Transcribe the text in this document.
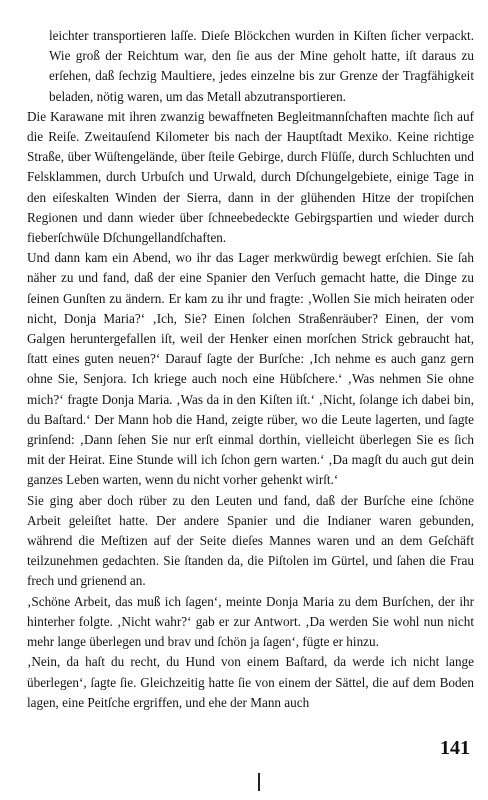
leichter transportieren laſſe. Dieſe Blöckchen wurden in Kiſten ſicher verpackt. Wie groß der Reichtum war, den ſie aus der Mine geholt hatte, iſt daraus zu erſehen, daß ſechzig Maultiere, jedes einzelne bis zur Grenze der Tragfähigkeit beladen, nötig waren, um das Metall abzutransportieren.

Die Karawane mit ihren zwanzig bewaffneten Begleitmannſchaften machte ſich auf die Reiſe. Zweitauſend Kilometer bis nach der Hauptſtadt Mexiko. Keine richtige Straße, über Wüſtengelände, über ſteile Gebirge, durch Flüſſe, durch Schluchten und Felsklammen, durch Urbuſch und Urwald, durch Dſchungelgebiete, einige Tage in den eiſeskalten Winden der Sierra, dann in der glühenden Hitze der tropiſchen Regionen und dann wieder über ſchneebedeckte Gebirgspartien und wieder durch fieberſchwüle Dſchungellandſchaften.

Und dann kam ein Abend, wo ihr das Lager merkwürdig bewegt erſchien. Sie ſah näher zu und fand, daß der eine Spanier den Verſuch gemacht hatte, die Dinge zu ſeinen Gunſten zu ändern. Er kam zu ihr und fragte: ‚Wollen Sie mich heiraten oder nicht, Donja Maria?‘ ‚Ich, Sie? Einen ſolchen Straßenräuber? Einen, der vom Galgen heruntergefallen iſt, weil der Henker einen morſchen Strick gebraucht hat, ſtatt eines guten neuen?‘ Darauf ſagte der Burſche: ‚Ich nehme es auch ganz gern ohne Sie, Senjora. Ich kriege auch noch eine Hübſchere.‘ ‚Was nehmen Sie ohne mich?‘ fragte Donja Maria. ‚Was da in den Kiſten iſt.‘ ‚Nicht, ſolange ich dabei bin, du Baſtard.‘ Der Mann hob die Hand, zeigte rüber, wo die Leute lagerten, und ſagte grinſend: ‚Dann ſehen Sie nur erſt einmal dorthin, vielleicht überlegen Sie es ſich mit der Heirat. Eine Stunde will ich ſchon gern warten.‘ ‚Da magſt du auch gut dein ganzes Leben warten, wenn du nicht vorher gehenkt wirſt.‘

Sie ging aber doch rüber zu den Leuten und fand, daß der Burſche eine ſchöne Arbeit geleiſtet hatte. Der andere Spanier und die Indianer waren gebunden, während die Meſtizen auf der Seite dieſes Mannes waren und an dem Geſchäft teilzunehmen gedachten. Sie ſtanden da, die Piſtolen im Gürtel, und ſahen die Frau frech und grienend an.

‚Schöne Arbeit, das muß ich ſagen‘, meinte Donja Maria zu dem Burſchen, der ihr hinterher folgte. ‚Nicht wahr?‘ gab er zur Antwort. ‚Da werden Sie wohl nun nicht mehr lange überlegen und brav und ſchön ja ſagen‘, fügte er hinzu.

‚Nein, da haſt du recht, du Hund von einem Baſtard, da werde ich nicht lange überlegen‘, ſagte ſie. Gleichzeitig hatte ſie von einem der Sättel, die auf dem Boden lagen, eine Peitſche ergriffen, und ehe der Mann auch

141
